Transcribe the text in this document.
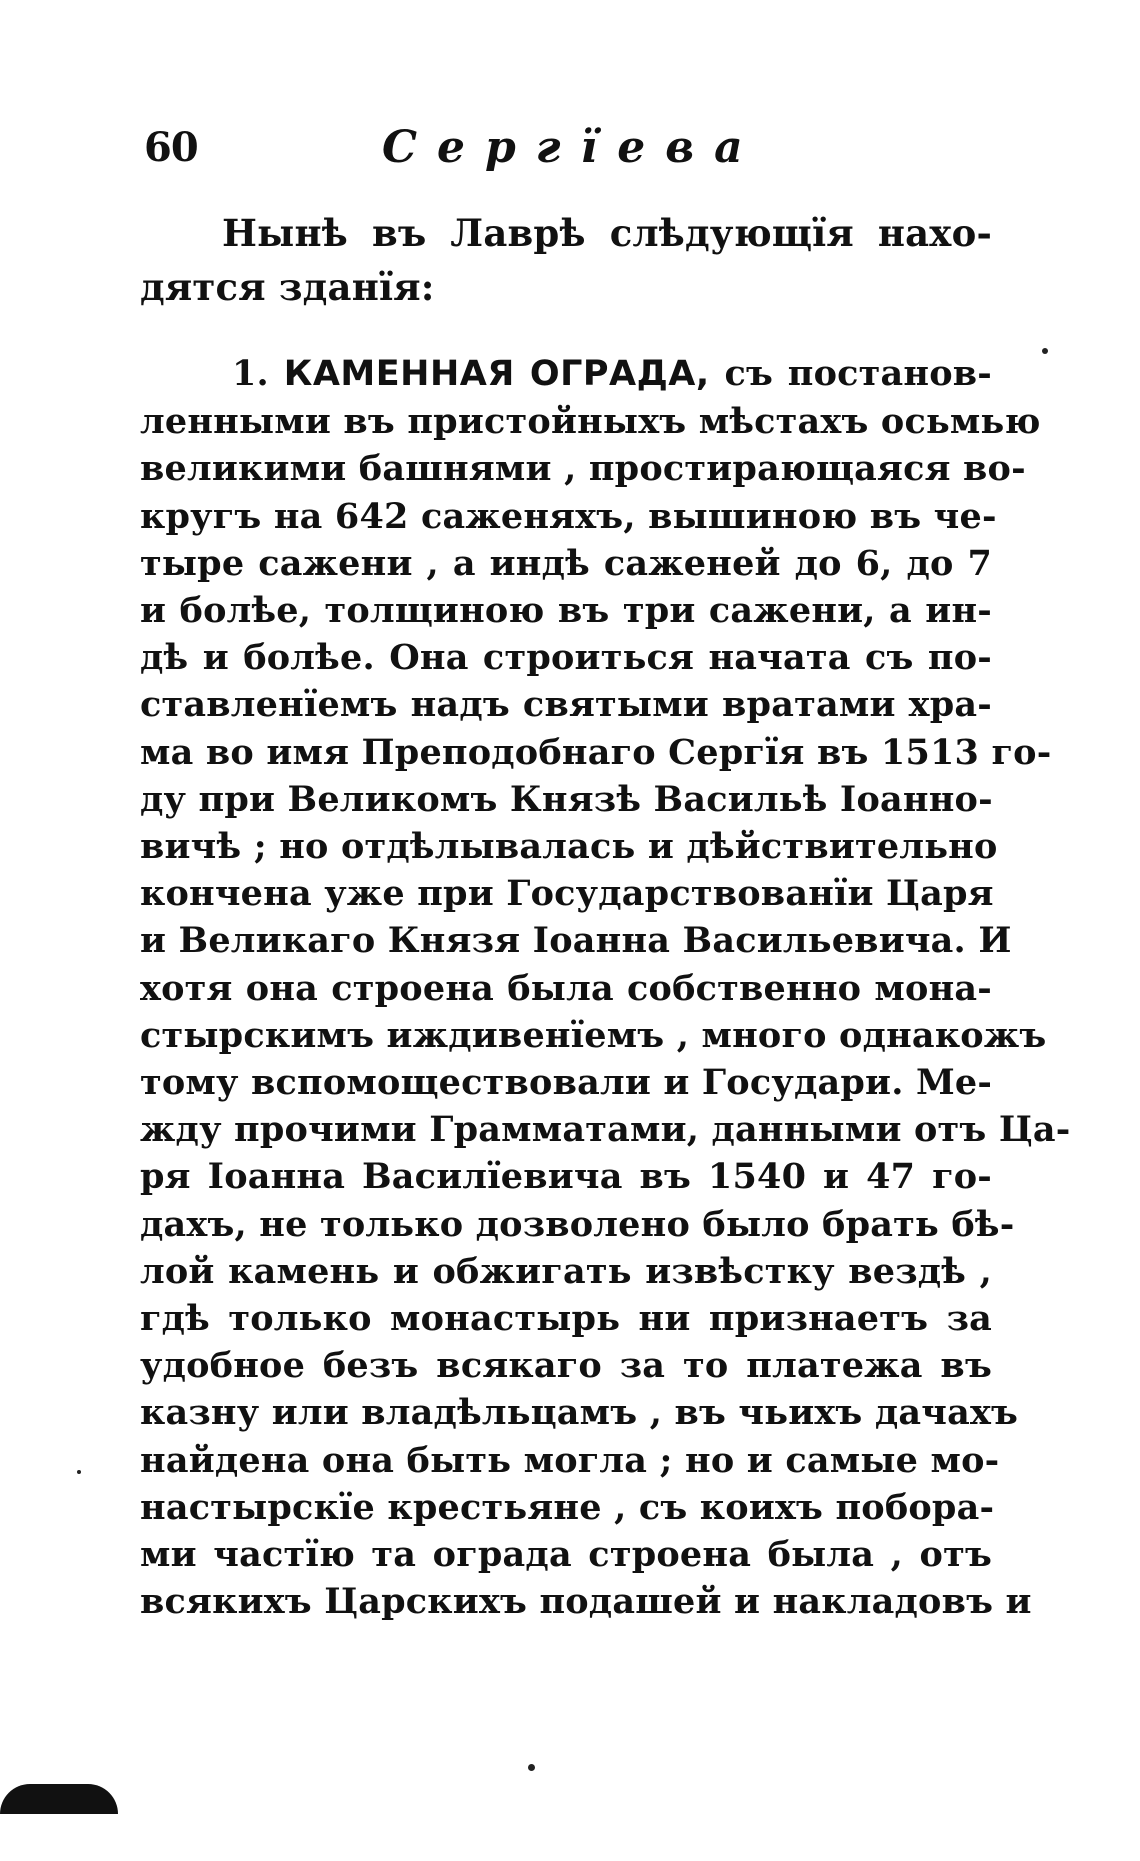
60	Сергїева
Нынѣ въ Лаврѣ слѣдующїя нахо-
дятся зданїя:
1. КАМЕННАЯ ОГРАДА, съ постанов-
ленными въ пристойныхъ мѣстахъ осьмью
великими башнями , простирающаяся во-
кругъ на 642 саженяхъ, вышиною въ че-
тыре сажени , а индѣ саженей до 6, до 7
и болѣе, толщиною въ три сажени, а ин-
дѣ и болѣе. Она строиться начата съ по-
ставленїемъ надъ святыми вратами хра-
ма во имя Преподобнаго Сергїя въ 1513 го-
ду при Великомъ Князѣ Васильѣ Іоанно-
вичѣ ; но отдѣлывалась и дѣйствительно
кончена уже при Государствованїи Царя
и Великаго Князя Іоанна Васильевича. И
хотя она строена была собственно мона-
стырскимъ иждивенїемъ , много однакожъ
тому вспомоществовали и Государи. Ме-
жду прочими Грамматами, данными отъ Ца-
ря Іоанна Василїевича въ 1540 и 47 го-
дахъ, не только дозволено было брать бѣ-
лой камень и обжигать извѣстку вездѣ ,
гдѣ только монастырь ни признаетъ за
удобное безъ всякаго за то платежа въ
казну или владѣльцамъ , въ чьихъ дачахъ
найдена она быть могла ; но и самые мо-
настырскїе крестьяне , съ коихъ побора-
ми частїю та ограда строена была , отъ
всякихъ Царскихъ подашей и накладовъ и
